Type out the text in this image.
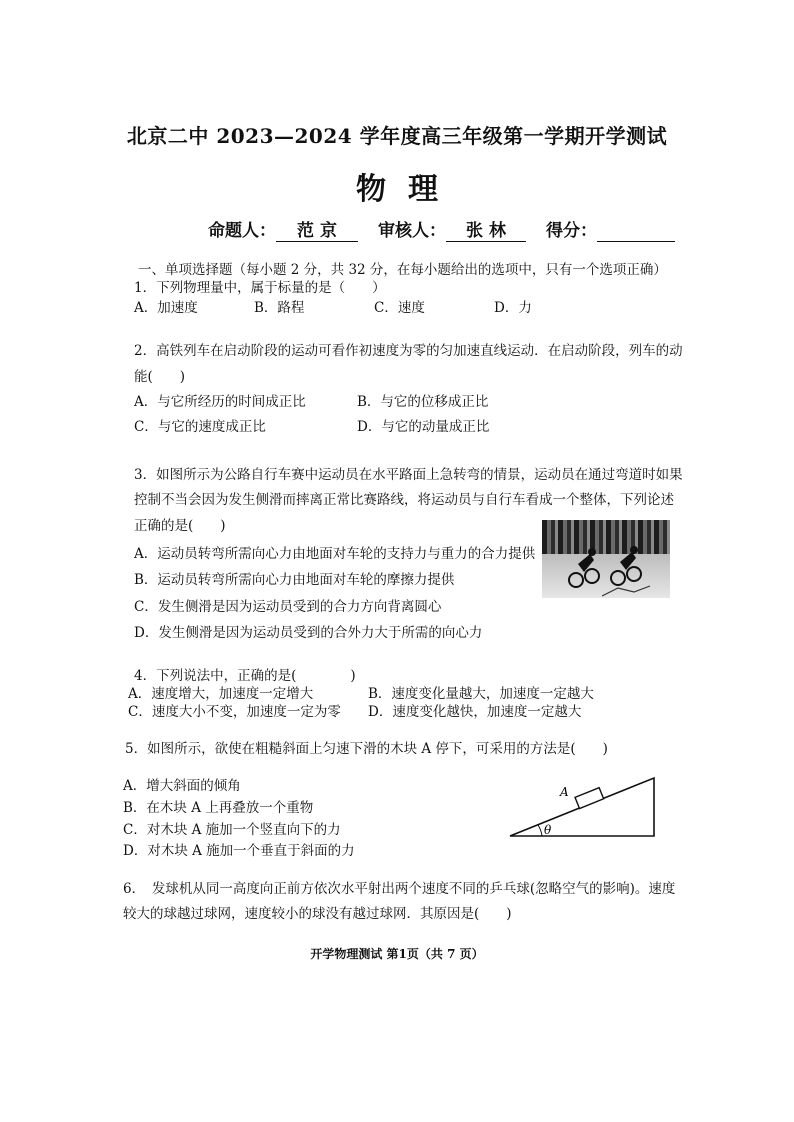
北京二中 2023—2024 学年度高三年级第一学期开学测试
物理
命题人： 范 京 审核人： 张 林 得分：
一、单项选择题（每小题 2 分，共 32 分，在每小题给出的选项中，只有一个选项正确）
1．下列物理量中，属于标量的是（　　）
A．加速度	B．路程	C．速度	D．力
2．高铁列车在启动阶段的运动可看作初速度为零的匀加速直线运动．在启动阶段，列车的动
能(　　)
A．与它所经历的时间成正比	B．与它的位移成正比
C．与它的速度成正比	D．与它的动量成正比
3．如图所示为公路自行车赛中运动员在水平路面上急转弯的情景，运动员在通过弯道时如果
控制不当会因为发生侧滑而摔离正常比赛路线，将运动员与自行车看成一个整体，下列论述
正确的是(　　)
A．运动员转弯所需向心力由地面对车轮的支持力与重力的合力提供
B．运动员转弯所需向心力由地面对车轮的摩擦力提供
C．发生侧滑是因为运动员受到的合力方向背离圆心
D．发生侧滑是因为运动员受到的合外力大于所需的向心力
4．下列说法中，正确的是(　　　　)
A．速度增大，加速度一定增大	B．速度变化量越大，加速度一定越大
C．速度大小不变，加速度一定为零 D．速度变化越快，加速度一定越大
5．如图所示，欲使在粗糙斜面上匀速下滑的木块 A 停下，可采用的方法是(　　)
A．增大斜面的倾角
B．在木块 A 上再叠放一个重物
C．对木块 A 施加一个竖直向下的力
D．对木块 A 施加一个垂直于斜面的力
A
θ
6．　发球机从同一高度向正前方依次水平射出两个速度不同的乒乓球(忽略空气的影响)。速度
较大的球越过球网，速度较小的球没有越过球网．其原因是(　　)
开学物理测试 第1页（共 7 页）
